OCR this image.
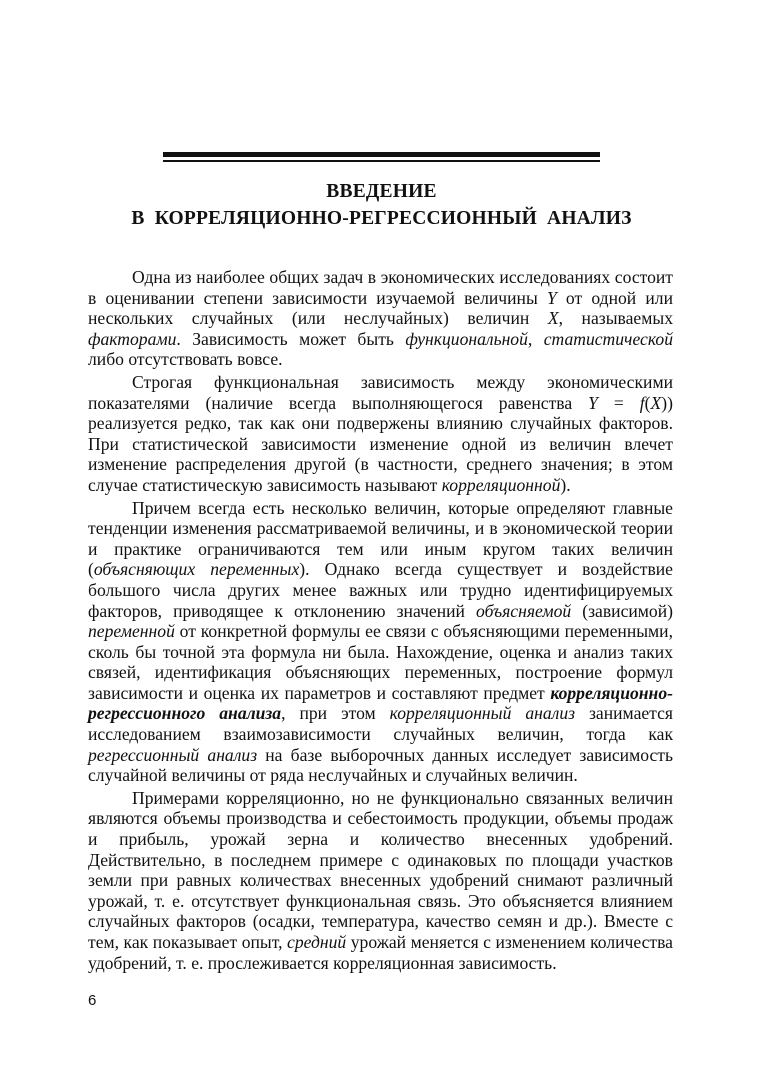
ВВЕДЕНИЕ
В КОРРЕЛЯЦИОННО-РЕГРЕССИОННЫЙ АНАЛИЗ

Одна из наиболее общих задач в экономических исследованиях состоит в оценивании степени зависимости изучаемой величины Y от одной или нескольких случайных (или неслучайных) величин X, называемых факторами. Зависимость может быть функциональной, статистической либо отсутствовать вовсе.

Строгая функциональная зависимость между экономическими показателями (наличие всегда выполняющегося равенства Y = f(X)) реализуется редко, так как они подвержены влиянию случайных факторов. При статистической зависимости изменение одной из величин влечет изменение распределения другой (в частности, среднего значения; в этом случае статистическую зависимость называют корреляционной).

Причем всегда есть несколько величин, которые определяют главные тенденции изменения рассматриваемой величины, и в экономической теории и практике ограничиваются тем или иным кругом таких величин (объясняющих переменных). Однако всегда существует и воздействие большого числа других менее важных или трудно идентифицируемых факторов, приводящее к отклонению значений объясняемой (зависимой) переменной от конкретной формулы ее связи с объясняющими переменными, сколь бы точной эта формула ни была. Нахождение, оценка и анализ таких связей, идентификация объясняющих переменных, построение формул зависимости и оценка их параметров и составляют предмет корреляционно-регрессионного анализа, при этом корреляционный анализ занимается исследованием взаимозависимости случайных величин, тогда как регрессионный анализ на базе выборочных данных исследует зависимость случайной величины от ряда неслучайных и случайных величин.

Примерами корреляционно, но не функционально связанных величин являются объемы производства и себестоимость продукции, объемы продаж и прибыль, урожай зерна и количество внесенных удобрений. Действительно, в последнем примере с одинаковых по площади участков земли при равных количествах внесенных удобрений снимают различный урожай, т. е. отсутствует функциональная связь. Это объясняется влиянием случайных факторов (осадки, температура, качество семян и др.). Вместе с тем, как показывает опыт, средний урожай меняется с изменением количества удобрений, т. е. прослеживается корреляционная зависимость.

6
